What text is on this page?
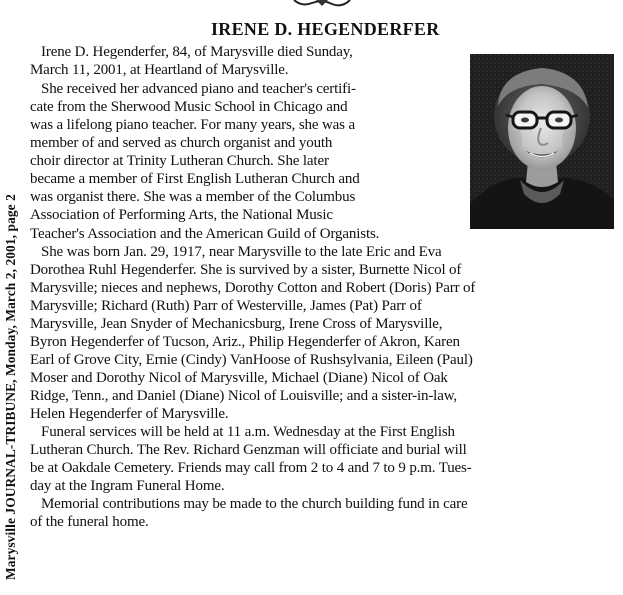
Marysville JOURNAL-TRIBUNE, Monday, March 2, 2001, page 2
IRENE D. HEGENDERFER
Irene D. Hegenderfer, 84, of Marysville died Sunday,
March 11, 2001, at Heartland of Marysville.
She received her advanced piano and teacher's certifi-
cate from the Sherwood Music School in Chicago and
was a lifelong piano teacher. For many years, she was a
member of and served as church organist and youth
choir director at Trinity Lutheran Church. She later
became a member of First English Lutheran Church and
was organist there. She was a member of the Columbus
Association of Performing Arts, the National Music
Teacher's Association and the American Guild of Organists.
She was born Jan. 29, 1917, near Marysville to the late Eric and Eva
Dorothea Ruhl Hegenderfer. She is survived by a sister, Burnette Nicol of
Marysville; nieces and nephews, Dorothy Cotton and Robert (Doris) Parr of
Marysville; Richard (Ruth) Parr of Westerville, James (Pat) Parr of
Marysville, Jean Snyder of Mechanicsburg, Irene Cross of Marysville,
Byron Hegenderfer of Tucson, Ariz., Philip Hegenderfer of Akron, Karen
Earl of Grove City, Ernie (Cindy) VanHoose of Rushsylvania, Eileen (Paul)
Moser and Dorothy Nicol of Marysville, Michael (Diane) Nicol of Oak
Ridge, Tenn., and Daniel (Diane) Nicol of Louisville; and a sister-in-law,
Helen Hegenderfer of Marysville.
Funeral services will be held at 11 a.m. Wednesday at the First English
Lutheran Church. The Rev. Richard Genzman will officiate and burial will
be at Oakdale Cemetery. Friends may call from 2 to 4 and 7 to 9 p.m. Tues-
day at the Ingram Funeral Home.
Memorial contributions may be made to the church building fund in care
of the funeral home.
